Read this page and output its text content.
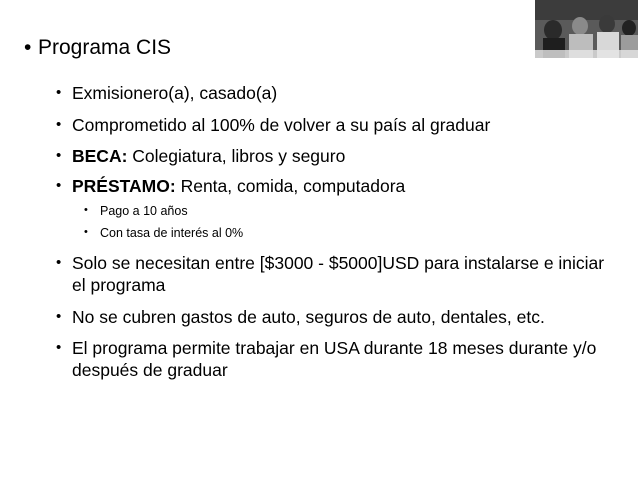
• Programa CIS
• Exmisionero(a), casado(a)
• Comprometido al 100% de volver a su país al graduar
• BECA: Colegiatura, libros y seguro
• PRÉSTAMO: Renta, comida, computadora
• Pago a 10 años
• Con tasa de interés al 0%
• Solo se necesitan entre [$3000 - $5000]USD para instalarse e iniciar el programa
• No se cubren gastos de auto, seguros de auto, dentales, etc.
• El programa permite trabajar en USA durante 18 meses durante y/o después de graduar
